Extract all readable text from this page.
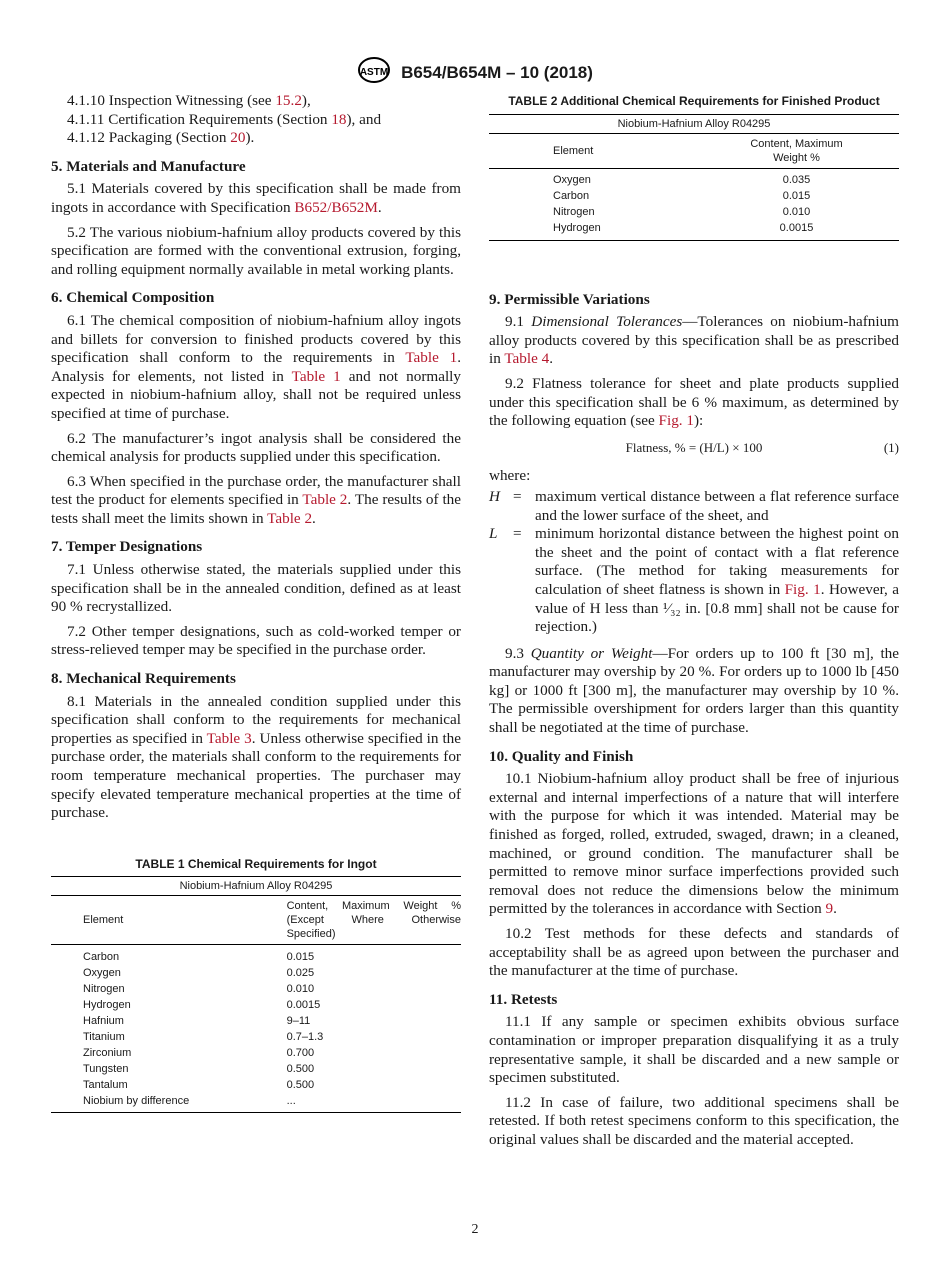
ASTM B654/B654M – 10 (2018)
4.1.10 Inspection Witnessing (see 15.2),
4.1.11 Certification Requirements (Section 18), and
4.1.12 Packaging (Section 20).
5. Materials and Manufacture

5.1 Materials covered by this specification shall be made from ingots in accordance with Specification B652/B652M.

5.2 The various niobium-hafnium alloy products covered by this specification are formed with the conventional extrusion, forging, and rolling equipment normally available in metal working plants.

6. Chemical Composition

6.1 The chemical composition of niobium-hafnium alloy ingots and billets for conversion to finished products covered by this specification shall conform to the requirements in Table 1. Analysis for elements, not listed in Table 1 and not normally expected in niobium-hafnium alloy, shall not be required unless specified at time of purchase.

6.2 The manufacturer’s ingot analysis shall be considered the chemical analysis for products supplied under this specification.

6.3 When specified in the purchase order, the manufacturer shall test the product for elements specified in Table 2. The results of the tests shall meet the limits shown in Table 2.

7. Temper Designations

7.1 Unless otherwise stated, the materials supplied under this specification shall be in the annealed condition, defined as at least 90 % recrystallized.

7.2 Other temper designations, such as cold-worked temper or stress-relieved temper may be specified in the purchase order.

8. Mechanical Requirements

8.1 Materials in the annealed condition supplied under this specification shall conform to the requirements for mechanical properties as specified in Table 3. Unless otherwise specified in the purchase order, the materials shall conform to the requirements for room temperature mechanical properties. The purchaser may specify elevated temperature mechanical properties at the time of purchase.

TABLE 1 Chemical Requirements for Ingot
Niobium-Hafnium Alloy R04295	
Element	Content, Maximum Weight % (Except Where Otherwise Specified)

Carbon	0.015
Oxygen	0.025
Nitrogen	0.010
Hydrogen	0.0015
Hafnium	9–11
Titanium	0.7–1.3
Zirconium	0.700
Tungsten	0.500
Tantalum	0.500
Niobium by difference	...

TABLE 2 Additional Chemical Requirements for Finished Product
Niobium-Hafnium Alloy R04295	
Element	Content, Maximum Weight %

Oxygen	0.035
Carbon	0.015
Nitrogen	0.010
Hydrogen	0.0015

9. Permissible Variations

9.1 Dimensional Tolerances—Tolerances on niobium-hafnium alloy products covered by this specification shall be as prescribed in Table 4.

9.2 Flatness tolerance for sheet and plate products supplied under this specification shall be 6 % maximum, as determined by the following equation (see Fig. 1):

Flatness, % = (H/L) × 100	(1)

where:

H = maximum vertical distance between a flat reference surface and the lower surface of the sheet, and
L	= minimum horizontal distance between the highest point on the sheet and the point of contact with a flat reference surface. (The method for taking measurements for calculation of sheet flatness is shown in Fig. 1. However, a value of H less than ¹⁄₃₂ in. [0.8 mm] shall not be cause for rejection.)

9.3 Quantity or Weight—For orders up to 100 ft [30 m], the manufacturer may overship by 20 %. For orders up to 1000 lb [450 kg] or 1000 ft [300 m], the manufacturer may overship by 10 %. The permissible overshipment for orders larger than this quantity shall be negotiated at the time of purchase.

10. Quality and Finish

10.1 Niobium-hafnium alloy product shall be free of injurious external and internal imperfections of a nature that will interfere with the purpose for which it was intended. Material may be finished as forged, rolled, extruded, swaged, drawn; in a cleaned, machined, or ground condition. The manufacturer shall be permitted to remove minor surface imperfections provided such removal does not reduce the dimensions below the minimum permitted by the tolerances in accordance with Section 9.

10.2 Test methods for these defects and standards of acceptability shall be as agreed upon between the purchaser and the manufacturer at the time of purchase.

11. Retests

11.1 If any sample or specimen exhibits obvious surface contamination or improper preparation disqualifying it as a truly representative sample, it shall be discarded and a new sample or specimen substituted.

11.2 In case of failure, two additional specimens shall be retested. If both retest specimens conform to this specification, the original values shall be discarded and the material accepted.

2
